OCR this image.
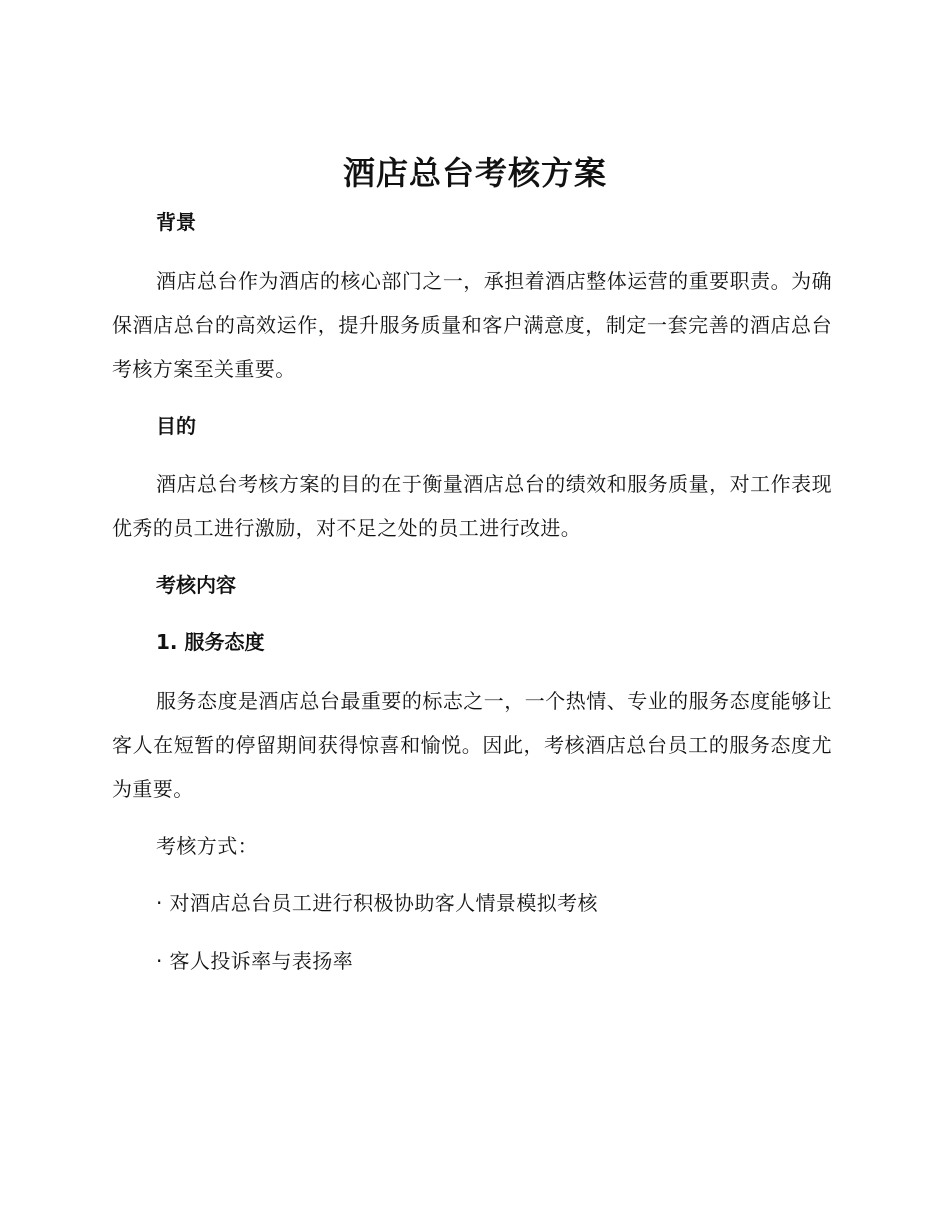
酒店总台考核方案
背景
酒店总台作为酒店的核心部门之一，承担着酒店整体运营的重要职责。为确保酒店总台的高效运作，提升服务质量和客户满意度，制定一套完善的酒店总台考核方案至关重要。
目的
酒店总台考核方案的目的在于衡量酒店总台的绩效和服务质量，对工作表现优秀的员工进行激励，对不足之处的员工进行改进。
考核内容
1. 服务态度
服务态度是酒店总台最重要的标志之一，一个热情、专业的服务态度能够让客人在短暂的停留期间获得惊喜和愉悦。因此，考核酒店总台员工的服务态度尤为重要。
考核方式：
· 对酒店总台员工进行积极协助客人情景模拟考核
· 客人投诉率与表扬率
